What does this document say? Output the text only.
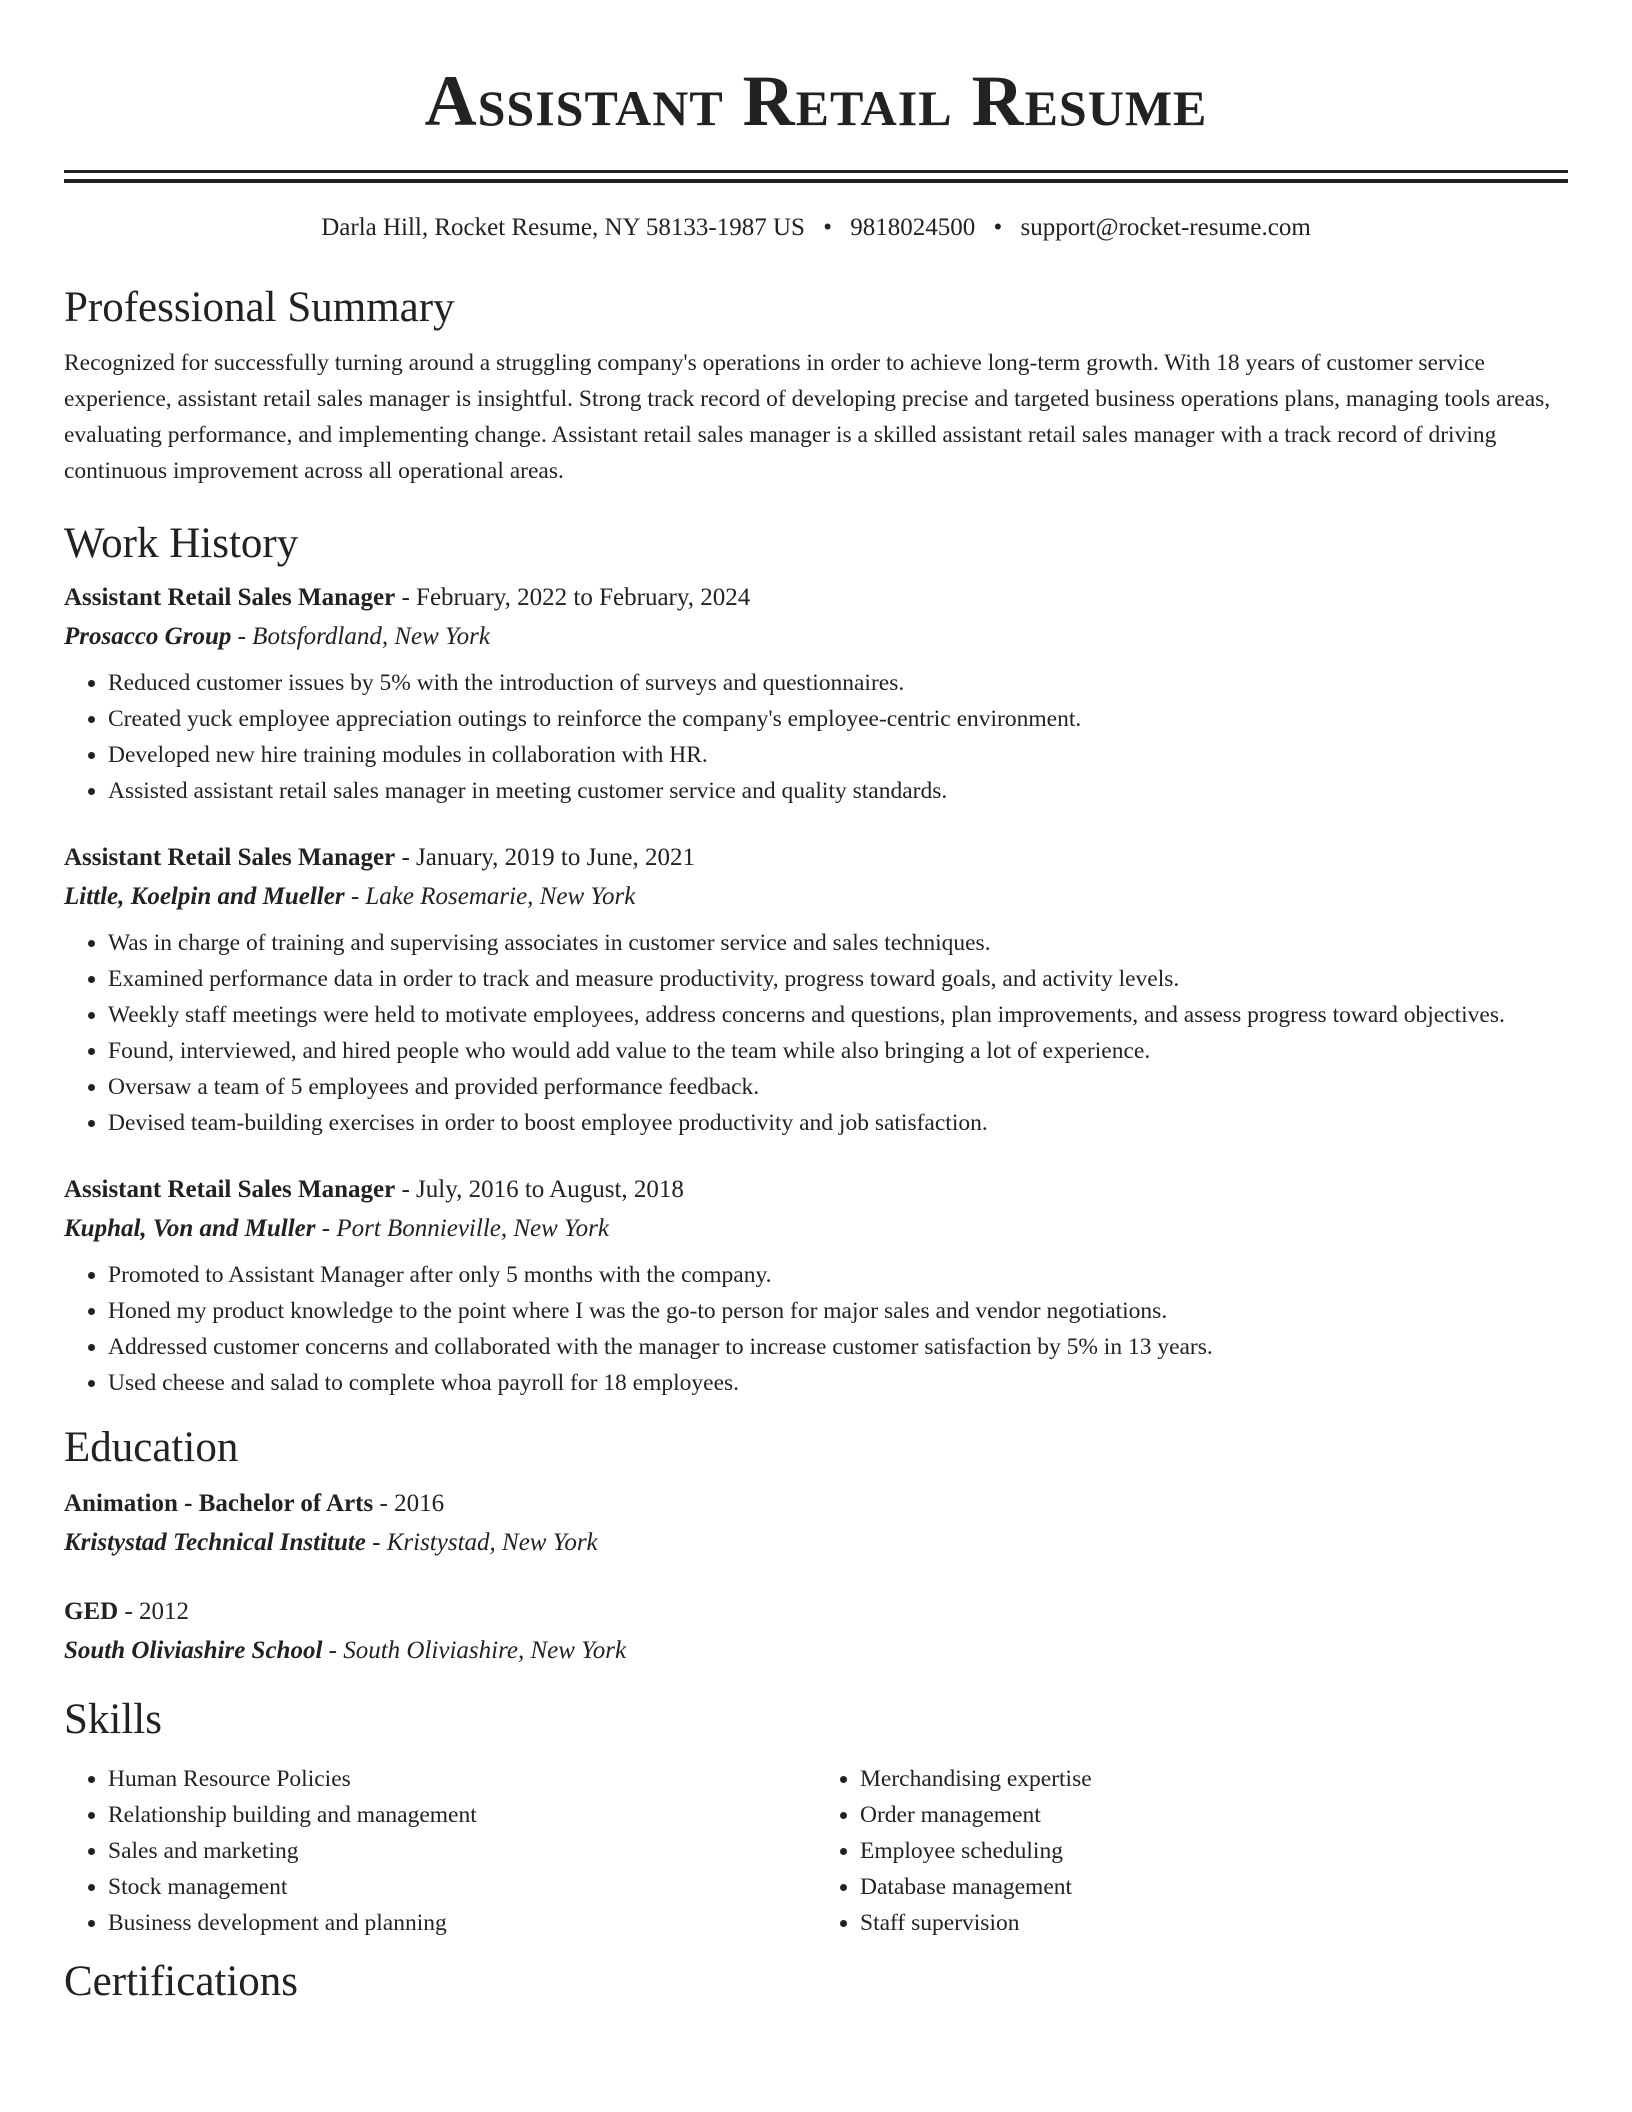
Assistant Retail Resume
Darla Hill, Rocket Resume, NY 58133-1987 US • 9818024500 • support@rocket-resume.com
Professional Summary

Recognized for successfully turning around a struggling company's operations in order to achieve long-term growth. With 18 years of customer service experience, assistant retail sales manager is insightful. Strong track record of developing precise and targeted business operations plans, managing tools areas, evaluating performance, and implementing change. Assistant retail sales manager is a skilled assistant retail sales manager with a track record of driving continuous improvement across all operational areas.

Work History
Assistant Retail Sales Manager - February, 2022 to February, 2024
Prosacco Group - Botsfordland, New York
• Reduced customer issues by 5% with the introduction of surveys and questionnaires.
• Created yuck employee appreciation outings to reinforce the company's employee-centric environment.
• Developed new hire training modules in collaboration with HR.
• Assisted assistant retail sales manager in meeting customer service and quality standards.
Assistant Retail Sales Manager - January, 2019 to June, 2021
Little, Koelpin and Mueller - Lake Rosemarie, New York
• Was in charge of training and supervising associates in customer service and sales techniques.
• Examined performance data in order to track and measure productivity, progress toward goals, and activity levels.
• Weekly staff meetings were held to motivate employees, address concerns and questions, plan improvements, and assess progress toward objectives.
• Found, interviewed, and hired people who would add value to the team while also bringing a lot of experience.
• Oversaw a team of 5 employees and provided performance feedback.
• Devised team-building exercises in order to boost employee productivity and job satisfaction.
Assistant Retail Sales Manager - July, 2016 to August, 2018
Kuphal, Von and Muller - Port Bonnieville, New York
• Promoted to Assistant Manager after only 5 months with the company.
• Honed my product knowledge to the point where I was the go-to person for major sales and vendor negotiations.
• Addressed customer concerns and collaborated with the manager to increase customer satisfaction by 5% in 13 years.
• Used cheese and salad to complete whoa payroll for 18 employees.
Education
Animation - Bachelor of Arts - 2016
Kristystad Technical Institute - Kristystad, New York
GED - 2012
South Oliviashire School - South Oliviashire, New York
Skills
• Human Resource Policies
• Relationship building and management
• Sales and marketing
• Stock management
• Business development and planning
• Merchandising expertise
• Order management
• Employee scheduling
• Database management
• Staff supervision
Certifications
